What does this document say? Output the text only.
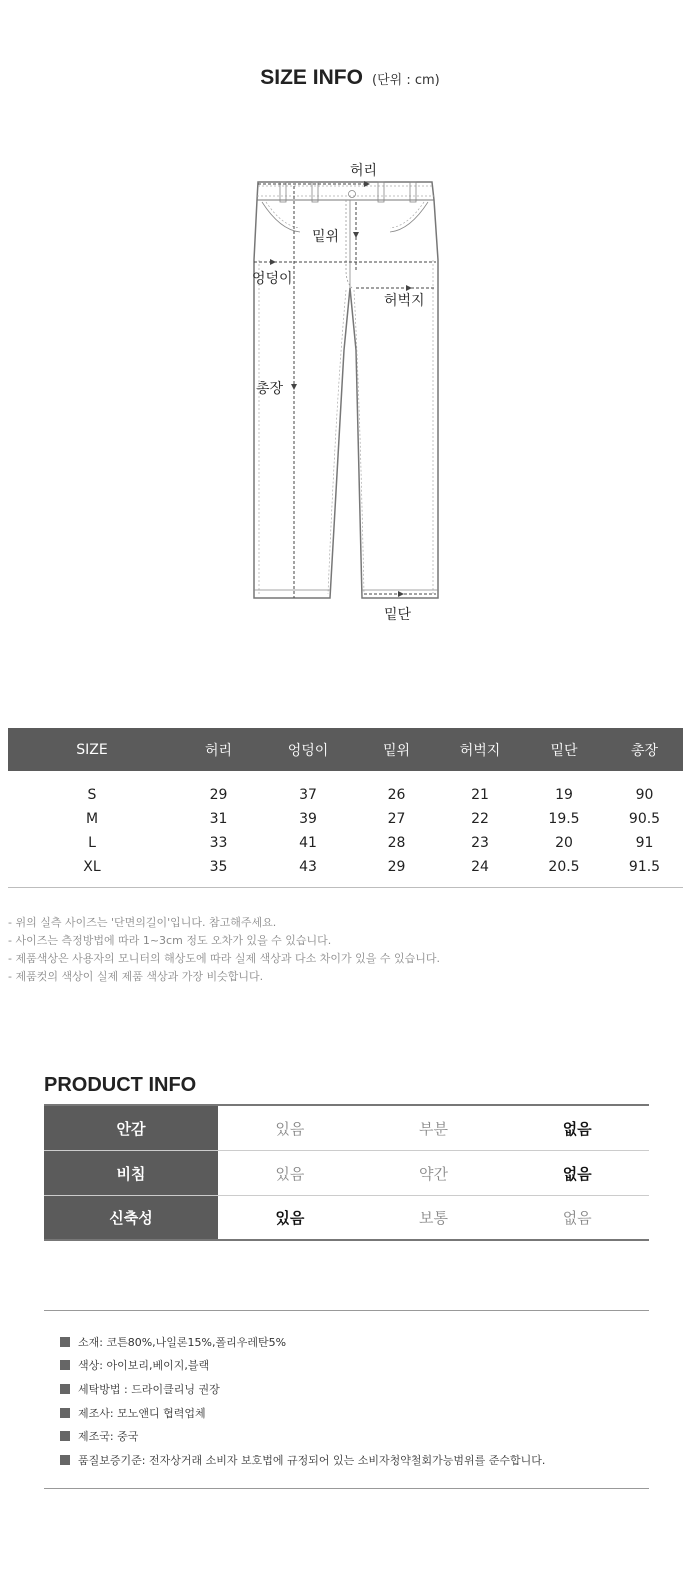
SIZE INFO (단위 : cm)
허리
밑위
엉덩이
허벅지
총장
밑단
SIZE	허리	엉덩이	밑위	허벅지	밑단	총장
S	29	37	26	21	19	90
M	31	39	27	22	19.5	90.5
L	33	41	28	23	20	91
XL	35	43	29	24	20.5	91.5
- 위의 실측 사이즈는 '단면의길이'입니다. 참고해주세요.
- 사이즈는 측정방법에 따라 1~3cm 정도 오차가 있을 수 있습니다.
- 제품색상은 사용자의 모니터의 해상도에 따라 실제 색상과 다소 차이가 있을 수 있습니다.
- 제품컷의 색상이 실제 제품 색상과 가장 비슷합니다.
PRODUCT INFO
안감	있음	부분	없음
비침	있음	약간	없음
신축성	있음	보통	없음
소재: 코튼80%,나일론15%,폴리우레탄5%
색상: 아이보리,베이지,블랙
세탁방법 : 드라이클리닝 권장
제조사: 모노앤디 협력업체
제조국: 중국
품질보증기준: 전자상거래 소비자 보호법에 규정되어 있는 소비자청약철회가능범위를 준수합니다.
